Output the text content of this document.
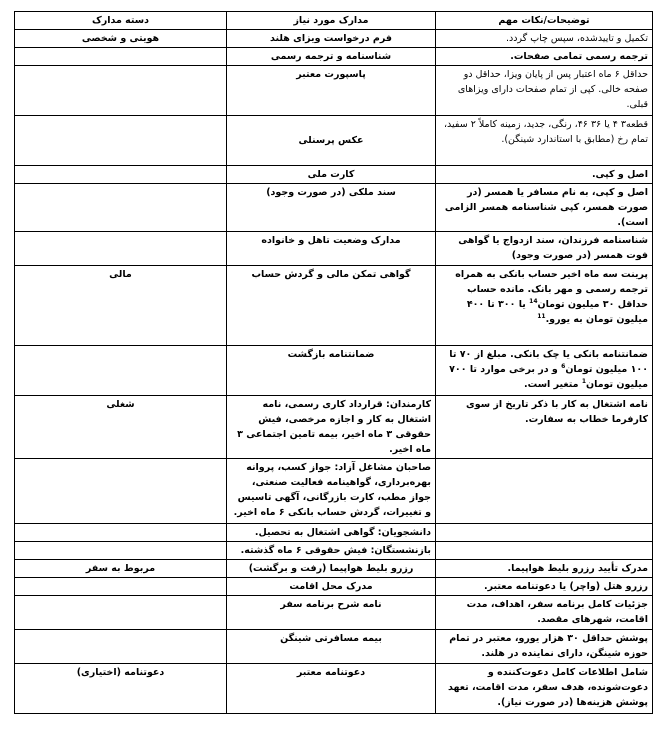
توضیحات/نکات مهم	مدارک مورد نیاز	دسته مدارک
تکمیل و تاییدشده، سپس چاپ گردد.	فرم درخواست ویزای هلند	هویتی و شخصی
ترجمه رسمی تمامی صفحات.	شناسنامه و ترجمه رسمی	
حداقل ۶ ماه اعتبار پس از پایان ویزا، حداقل دو صفحه خالی. کپی از تمام صفحات دارای ویزاهای قبلی.	پاسپورت معتبر	
قطعه۳ ۴ یا ۳۶ ۴۶، رنگی، جدید، زمینه کاملاً ۲ سفید، تمام رخ (مطابق با استاندارد شینگن).	عکس پرسنلی	
اصل و کپی.	کارت ملی	
اصل و کپی، به نام مسافر یا همسر (در صورت همسر، کپی شناسنامه همسر الزامی است).	سند ملکی (در صورت وجود)	
شناسنامه فرزندان، سند ازدواج یا گواهی فوت همسر (در صورت وجود)	مدارک وضعیت تاهل و خانواده	
پرینت سه ماه اخیر حساب بانکی به همراه ترجمه رسمی و مهر بانک. مانده حساب حداقل ۳۰ میلیون تومان$^{14}$ یا ۳۰۰ تا ۴۰۰ میلیون تومان به یورو.$^{11}$	گواهی تمکن مالی و گردش حساب	مالی
ضمانتنامه بانکی یا چک بانکی. مبلغ از ۷۰ تا ۱۰۰ میلیون تومان$^6$ و در برخی موارد تا ۷۰۰ میلیون تومان$^1$ متغیر است.	ضمانتنامه بازگشت	
نامه اشتغال به کار با ذکر تاریخ از سوی کارفرما خطاب به سفارت.	کارمندان: قرارداد کاری رسمی، نامه اشتغال به کار و اجازه مرخصی، فیش حقوقی ۳ ماه اخیر، بیمه تامین اجتماعی ۳ ماه اخیر.	شغلی
	صاحبان مشاغل آزاد: جواز کسب، پروانه بهره‌برداری، گواهینامه فعالیت صنعتی، جواز مطب، کارت بازرگانی، آگهی تاسیس و تغییرات، گردش حساب بانکی ۶ ماه اخیر.	
	دانشجویان: گواهی اشتغال به تحصیل.	
	بازنشستگان: فیش حقوقی ۶ ماه گذشته.	
مدرک تأیید رزرو بلیط هواپیما.	رزرو بلیط هواپیما (رفت و برگشت)	مربوط به سفر
رزرو هتل (واچر) یا دعوتنامه معتبر.	مدرک محل اقامت	
جزئیات کامل برنامه سفر، اهداف، مدت اقامت، شهرهای مقصد.	نامه شرح برنامه سفر	
پوشش حداقل ۳۰ هزار یورو، معتبر در تمام حوزه شینگن، دارای نماینده در هلند.	بیمه مسافرتی شینگن	
شامل اطلاعات کامل دعوت‌کننده و دعوت‌شونده، هدف سفر، مدت اقامت، تعهد پوشش هزینه‌ها (در صورت نیاز).	دعوتنامه معتبر	دعوتنامه (اختیاری)
